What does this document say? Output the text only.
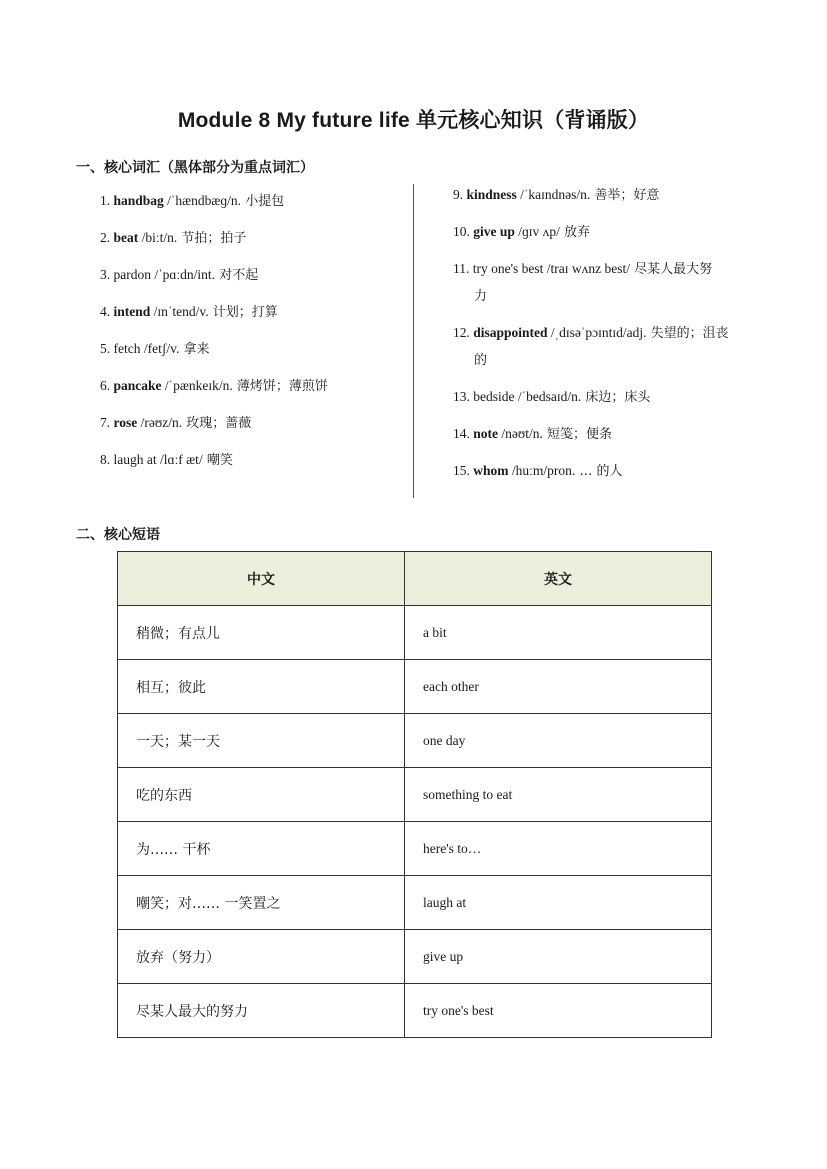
Module 8 My future life 单元核心知识（背诵版）
一、核心词汇（黑体部分为重点词汇）
1. handbag /ˈhændbæɡ/n. 小提包
2. beat /biːt/n. 节拍；拍子
3. pardon /ˈpɑːdn/int. 对不起
4. intend /ɪnˈtend/v. 计划；打算
5. fetch /fetʃ/v. 拿来
6. pancake /ˈpænkeɪk/n. 薄烤饼；薄煎饼
7. rose /rəʊz/n. 玫瑰；蔷薇
8. laugh at /lɑːf æt/ 嘲笑
9. kindness /ˈkaɪndnəs/n. 善举；好意
10. give up /ɡɪv ʌp/ 放弃
11. try one's best /traɪ wʌnz best/ 尽某人最大努
力
12. disappointed /ˌdɪsəˈpɔɪntɪd/adj. 失望的；沮丧
的
13. bedside /ˈbedsaɪd/n. 床边；床头
14. note /nəʊt/n. 短笺；便条
15. whom /huːm/pron. … 的人
二、核心短语
中文	英文
稍微；有点儿	a bit
相互；彼此	each other
一天；某一天	one day
吃的东西	something to eat
为…… 干杯	here's to…
嘲笑；对…… 一笑置之	laugh at
放弃（努力）	give up
尽某人最大的努力	try one's best
